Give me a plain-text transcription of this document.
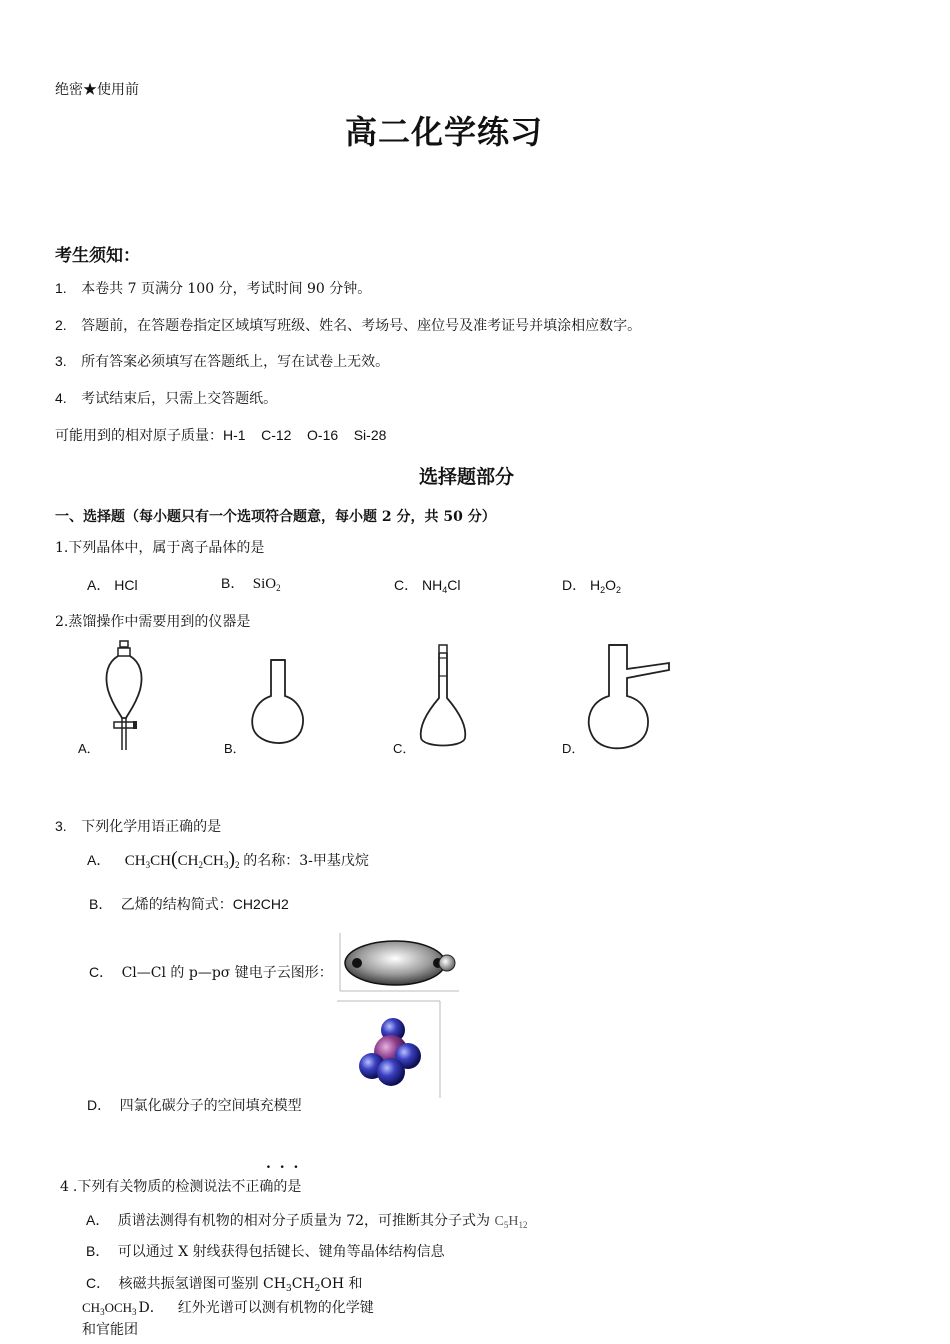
绝密★使用前
高二化学练习
考生须知：
1. 本卷共 7 页满分 100 分，考试时间 90 分钟。
2. 答题前，在答题卷指定区域填写班级、姓名、考场号、座位号及准考证号并填涂相应数字。
3. 所有答案必须填写在答题纸上，写在试卷上无效。
4. 考试结束后，只需上交答题纸。
可能用到的相对原子质量：H-1    C-12    O-16    Si-28
选择题部分
一、选择题（每小题只有一个选项符合题意，每小题 2 分，共 50 分）
1.下列晶体中，属于离子晶体的是
A． HCl	B． SiO$_2$	C． $NH_4Cl$	D． $H_2O_2$
2.蒸馏操作中需要用到的仪器是
A．	B．	C．	D．
3. 下列化学用语正确的是
A． $CH_3CH(CH_2CH_3)_2$ 的名称：3-甲基戊烷
B． 乙烯的结构简式：CH2CH2
C． Cl—Cl 的 p—pσ 键电子云图形：
D． 四氯化碳分子的空间填充模型
. . .
4 .下列有关物质的检测说法不正确的是
A． 质谱法测得有机物的相对分子质量为 72，可推断其分子式为 $C_5H_{12}$
B． 可以通过 X 射线获得包括键长、键角等晶体结构信息
C． 核磁共振氢谱图可鉴别 $CH_3CH_2OH$ 和
$CH_3OCH_3$ D． 红外光谱可以测有机物的化学键
和官能团
